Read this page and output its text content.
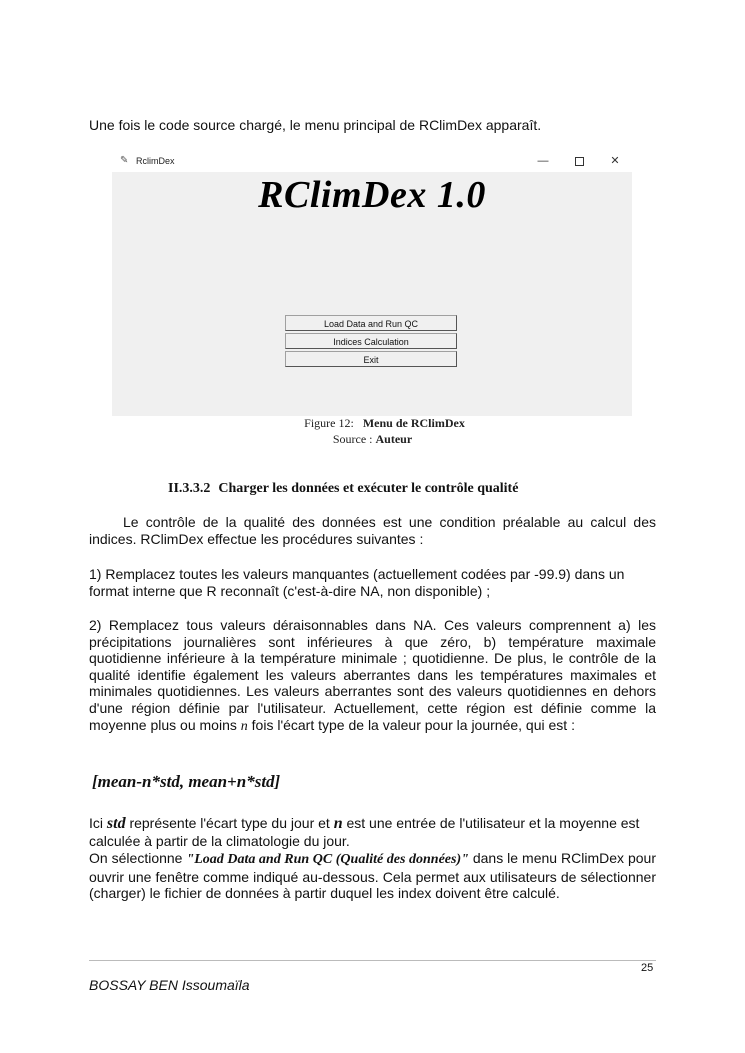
Une fois le code source chargé, le menu principal de RClimDex apparaît.
✎ RclimDex	—	✕
RClimDex 1.0
Load Data and Run QC
Indices Calculation
Exit
Figure 12: Menu de RClimDex
Source : Auteur
II.3.3.2 Charger les données et exécuter le contrôle qualité
Le contrôle de la qualité des données est une condition préalable au calcul des indices. RClimDex effectue les procédures suivantes :
1) Remplacez toutes les valeurs manquantes (actuellement codées par -99.9) dans un format interne que R reconnaît (c'est-à-dire NA, non disponible) ;
2) Remplacez tous valeurs déraisonnables dans NA. Ces valeurs comprennent a) les précipitations journalières sont inférieures à que zéro, b) température maximale quotidienne inférieure à la température minimale ; quotidienne. De plus, le contrôle de la qualité identifie également les valeurs aberrantes dans les températures maximales et minimales quotidiennes. Les valeurs aberrantes sont des valeurs quotidiennes en dehors d'une région définie par l'utilisateur. Actuellement, cette région est définie comme la moyenne plus ou moins n fois l'écart type de la valeur pour la journée, qui est :
[mean-n*std, mean+n*std]
Ici std représente l'écart type du jour et n est une entrée de l'utilisateur et la moyenne est calculée à partir de la climatologie du jour.
On sélectionne "Load Data and Run QC (Qualité des données)" dans le menu RClimDex pour ouvrir une fenêtre comme indiqué au-dessous. Cela permet aux utilisateurs de sélectionner (charger) le fichier de données à partir duquel les index doivent être calculé.
25
BOSSAY BEN Issoumaïla
